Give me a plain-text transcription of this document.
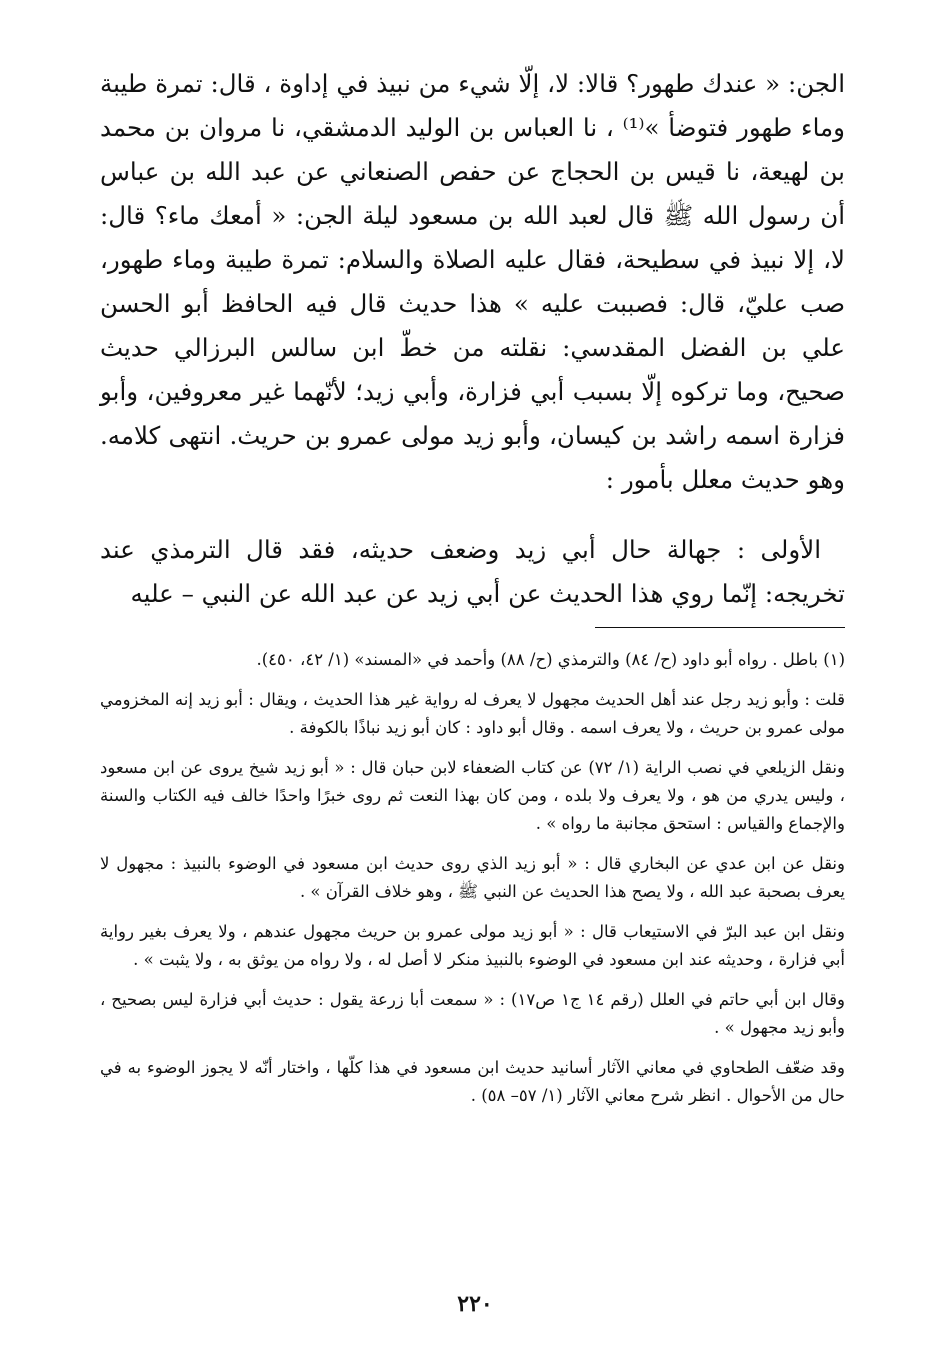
الجن: « عندك طهور؟ قالا: لا، إلّا شيء من نبيذ في إداوة ، قال: تمرة طيبة وماء طهور فتوضأ »⁽¹⁾ ، نا العباس بن الوليد الدمشقي، نا مروان بن محمد بن لهيعة، نا قيس بن الحجاج عن حفص الصنعاني عن عبد الله بن عباس أن رسول الله ﷺ قال لعبد الله بن مسعود ليلة الجن: « أمعك ماء؟ قال: لا، إلا نبيذ في سطيحة، فقال عليه الصلاة والسلام: تمرة طيبة وماء طهور، صب عليّ، قال: فصببت عليه » هذا حديث قال فيه الحافظ أبو الحسن علي بن الفضل المقدسي: نقلته من خطّ ابن سالس البرزالي حديث صحيح، وما تركوه إلّا بسبب أبي فزارة، وأبي زيد؛ لأنّهما غير معروفين، وأبو فزارة اسمه راشد بن كيسان، وأبو زيد مولى عمرو بن حريث. انتهى كلامه. وهو حديث معلل بأمور :

الأولى : جهالة حال أبي زيد وضعف حديثه، فقد قال الترمذي عند تخريجه: إنّما روي هذا الحديث عن أبي زيد عن عبد الله عن النبي – عليه

(١) باطل . رواه أبو داود (ح/ ٨٤) والترمذي (ح/ ٨٨) وأحمد في «المسند» (١/ ٤٢، ٤٥٠).

قلت : وأبو زيد رجل عند أهل الحديث مجهول لا يعرف له رواية غير هذا الحديث ، ويقال : أبو زيد إنه المخزومي مولى عمرو بن حريث ، ولا يعرف اسمه . وقال أبو داود : كان أبو زيد نباذًا بالكوفة .

ونقل الزيلعي في نصب الراية (١/ ٧٢) عن كتاب الضعفاء لابن حبان قال : « أبو زيد شيخ يروى عن ابن مسعود ، وليس يدري من هو ، ولا يعرف ولا بلده ، ومن كان بهذا النعت ثم روى خبرًا واحدًا خالف فيه الكتاب والسنة والإجماع والقياس : استحق مجانبة ما رواه » .

ونقل عن ابن عدي عن البخاري قال : « أبو زيد الذي روى حديث ابن مسعود في الوضوء بالنبيذ : مجهول لا يعرف بصحبة عبد الله ، ولا يصح هذا الحديث عن النبي ﷺ ، وهو خلاف القرآن » .

ونقل ابن عبد البرّ في الاستيعاب قال : « أبو زيد مولى عمرو بن حريث مجهول عندهم ، ولا يعرف بغير رواية أبي فزارة ، وحديثه عند ابن مسعود في الوضوء بالنبيذ منكر لا أصل له ، ولا رواه من يوثق به ، ولا يثبت » .

وقال ابن أبي حاتم في العلل (رقم ١٤ ج١ ص١٧) : « سمعت أبا زرعة يقول : حديث أبي فزارة ليس بصحيح ، وأبو زيد مجهول » .

وقد ضعّف الطحاوي في معاني الآثار أسانيد حديث ابن مسعود في هذا كلّها ، واختار أنّه لا يجوز الوضوء به في حال من الأحوال . انظر شرح معاني الآثار (١/ ٥٧– ٥٨) .

٢٢٠
